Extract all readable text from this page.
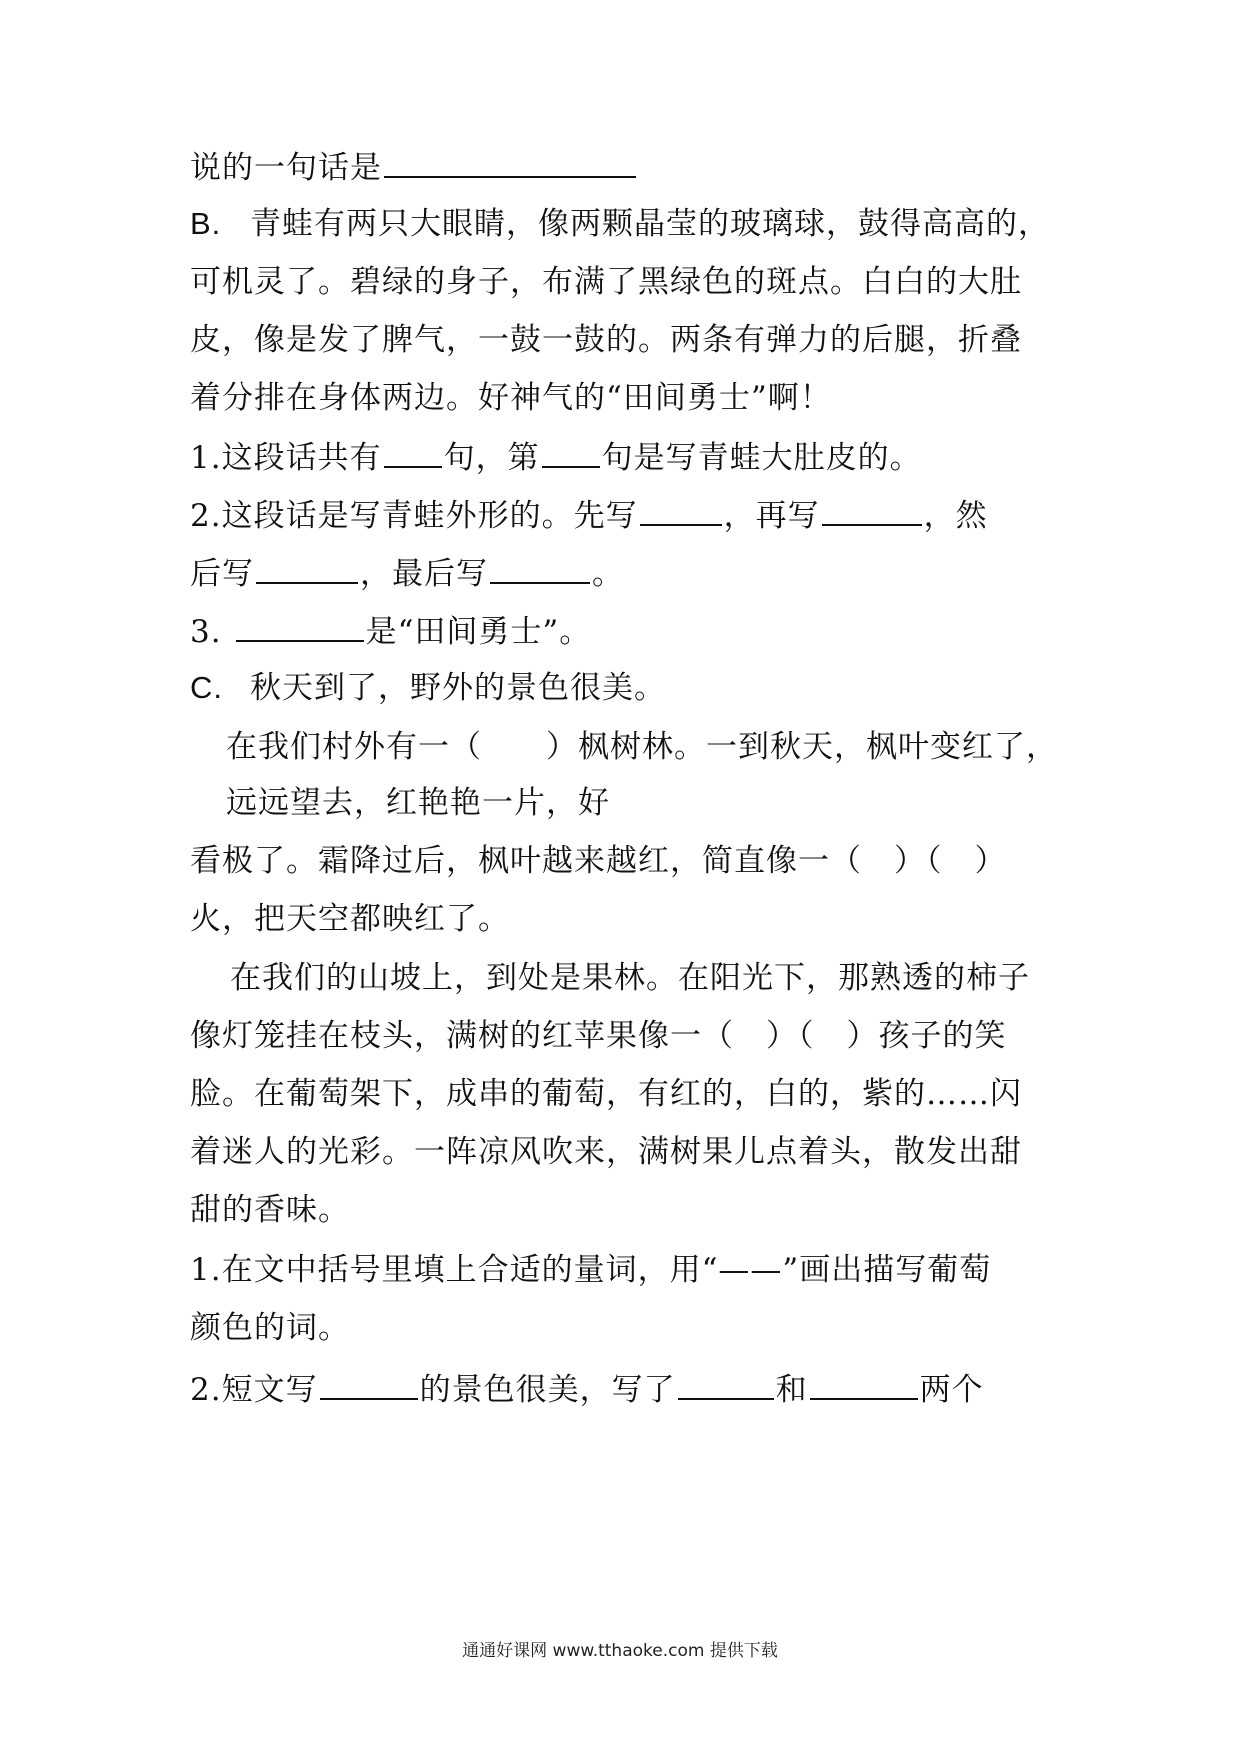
说的一句话是
B. 青蛙有两只大眼睛，像两颗晶莹的玻璃球，鼓得高高的，
可机灵了。碧绿的身子，布满了黑绿色的斑点。白白的大肚
皮，像是发了脾气，一鼓一鼓的。两条有弹力的后腿，折叠
着分排在身体两边。好神气的“田间勇士”啊！
1.这段话共有 句，第 句是写青蛙大肚皮的。
2.这段话是写青蛙外形的。先写	，再写	，然
后写	，最后写	。
3.	是“田间勇士”。
C. 秋天到了，野外的景色很美。
在我们村外有一（　　）枫树林。一到秋天，枫叶变红了，
远远望去，红艳艳一片，好
看极了。霜降过后，枫叶越来越红，简直像一（　）（　）
火，把天空都映红了。
在我们的山坡上，到处是果林。在阳光下，那熟透的柿子
像灯笼挂在枝头，满树的红苹果像一（　）（　）孩子的笑
脸。在葡萄架下，成串的葡萄，有红的，白的，紫的……闪
着迷人的光彩。一阵凉风吹来，满树果儿点着头，散发出甜
甜的香味。
1.在文中括号里填上合适的量词，用“——”画出描写葡萄
颜色的词。
2.短文写	的景色很美，写了	和	两个
通通好课网 www.tthaoke.com 提供下载
